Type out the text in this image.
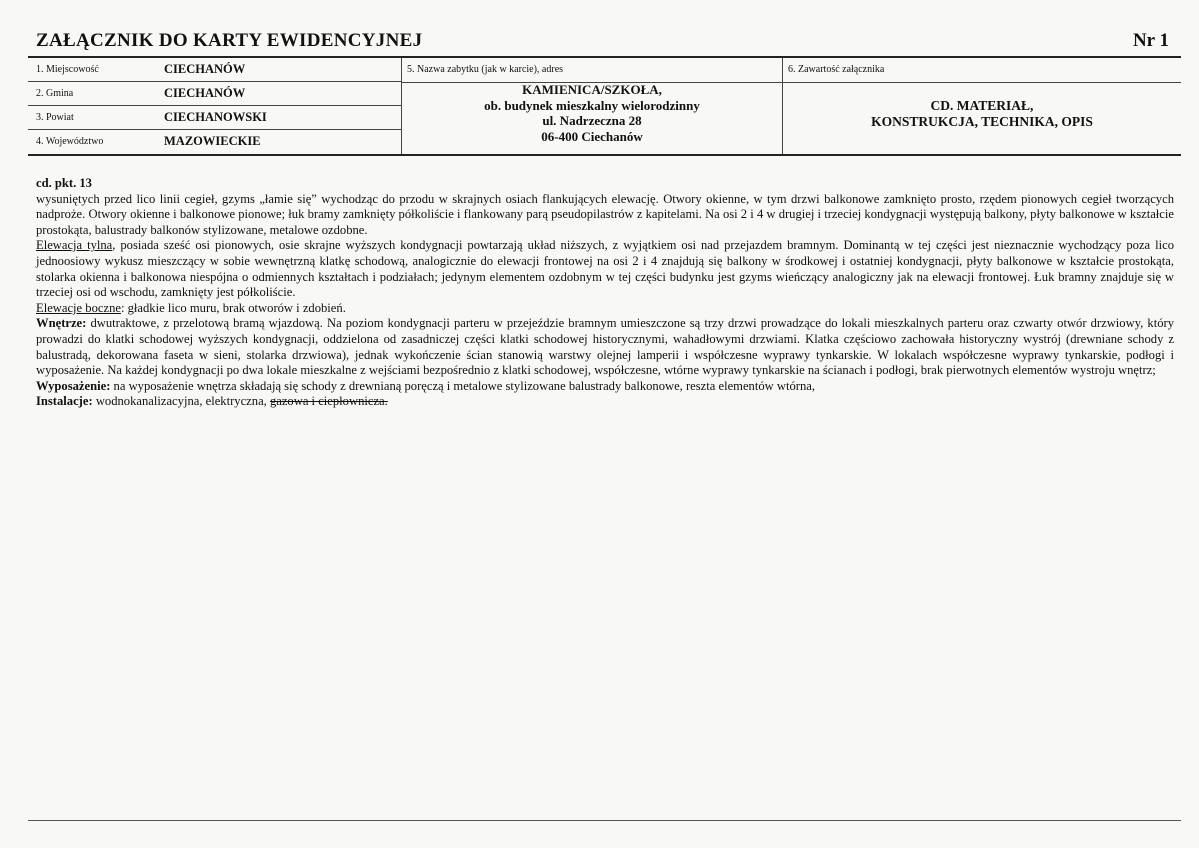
ZAŁĄCZNIK DO KARTY EWIDENCYJNEJ	Nr 1
1. Miejscowość	CIECHANÓW
2. Gmina	CIECHANÓW
3. Powiat	CIECHANOWSKI
4. Województwo	MAZOWIECKIE
5. Nazwa zabytku (jak w karcie), adres
KAMIENICA/SZKOŁA,
ob. budynek mieszkalny wielorodzinny
ul. Nadrzeczna 28
06-400 Ciechanów
6. Zawartość załącznika
CD. MATERIAŁ,
KONSTRUKCJA, TECHNIKA, OPIS

cd. pkt. 13

wysuniętych przed lico linii cegieł, gzyms „łamie się” wychodząc do przodu w skrajnych osiach flankujących elewację. Otwory okienne, w tym drzwi balkonowe zamknięto prosto, rzędem pionowych cegieł tworzących nadproże. Otwory okienne i balkonowe pionowe; łuk bramy zamknięty półkoliście i flankowany parą pseudopilastrów z kapitelami. Na osi 2 i 4 w drugiej i trzeciej kondygnacji występują balkony, płyty balkonowe w kształcie prostokąta, balustrady balkonów stylizowane, metalowe ozdobne.

Elewacja tylna, posiada sześć osi pionowych, osie skrajne wyższych kondygnacji powtarzają układ niższych, z wyjątkiem osi nad przejazdem bramnym. Dominantą w tej części jest nieznacznie wychodzący poza lico jednoosiowy wykusz mieszczący w sobie wewnętrzną klatkę schodową, analogicznie do elewacji frontowej na osi 2 i 4 znajdują się balkony w środkowej i ostatniej kondygnacji, płyty balkonowe w kształcie prostokąta, stolarka okienna i balkonowa niespójna o odmiennych kształtach i podziałach; jedynym elementem ozdobnym w tej części budynku jest gzyms wieńczący analogiczny jak na elewacji frontowej. Łuk bramny znajduje się w trzeciej osi od wschodu, zamknięty jest półkoliście.

Elewacje boczne: gładkie lico muru, brak otworów i zdobień.

Wnętrze: dwutraktowe, z przelotową bramą wjazdową. Na poziom kondygnacji parteru w przejeździe bramnym umieszczone są trzy drzwi prowadzące do lokali mieszkalnych parteru oraz czwarty otwór drzwiowy, który prowadzi do klatki schodowej wyższych kondygnacji, oddzielona od zasadniczej części klatki schodowej historycznymi, wahadłowymi drzwiami. Klatka częściowo zachowała historyczny wystrój (drewniane schody z balustradą, dekorowana faseta w sieni, stolarka drzwiowa), jednak wykończenie ścian stanowią warstwy olejnej lamperii i współczesne wyprawy tynkarskie. W lokalach współczesne wyprawy tynkarskie, podłogi i wyposażenie. Na każdej kondygnacji po dwa lokale mieszkalne z wejściami bezpośrednio z klatki schodowej, współczesne, wtórne wyprawy tynkarskie na ścianach i podłogi, brak pierwotnych elementów wystroju wnętrz;

Wyposażenie: na wyposażenie wnętrza składają się schody z drewnianą poręczą i metalowe stylizowane balustrady balkonowe, reszta elementów wtórna,

Instalacje: wodnokanalizacyjna, elektryczna, gazowa i ciepłownicza.
